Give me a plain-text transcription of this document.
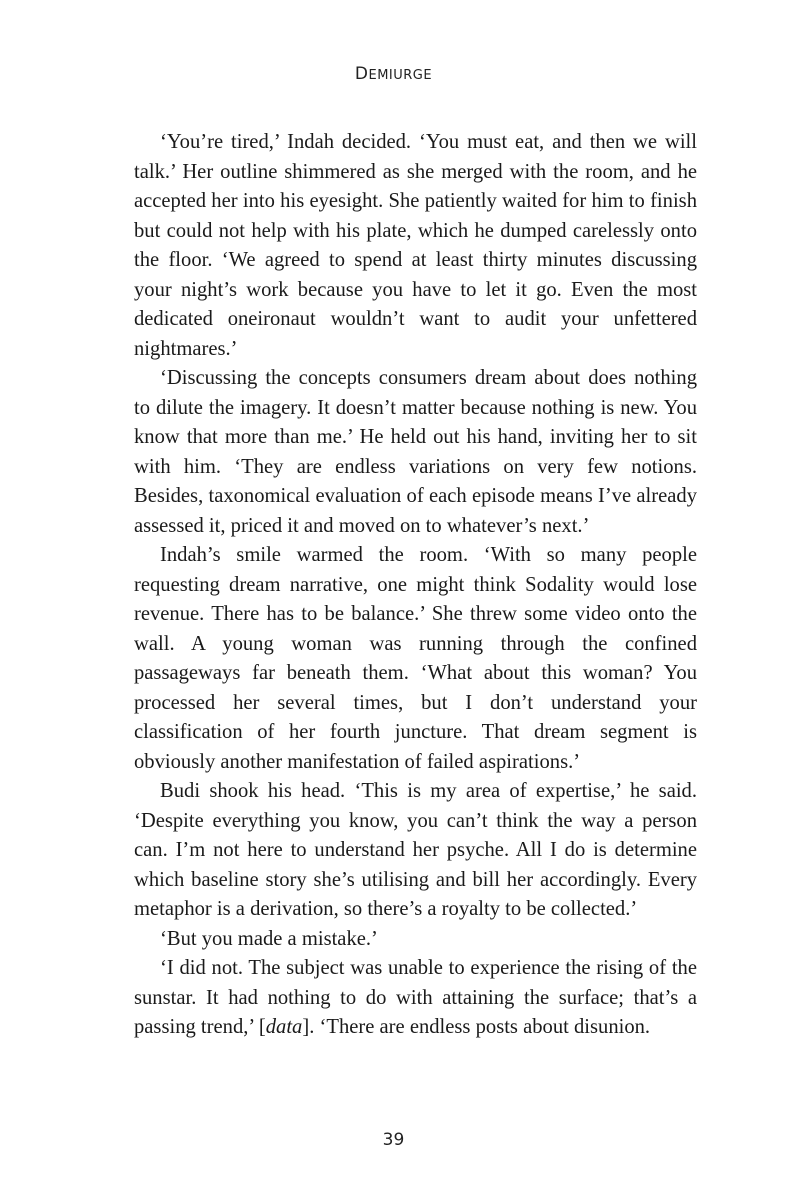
DEMIURGE

‘You’re tired,’ Indah decided. ‘You must eat, and then we will talk.’ Her outline shimmered as she merged with the room, and he accepted her into his eyesight. She patiently waited for him to finish but could not help with his plate, which he dumped carelessly onto the floor. ‘We agreed to spend at least thirty minutes discussing your night’s work because you have to let it go. Even the most dedicated oneironaut wouldn’t want to audit your unfettered nightmares.’

‘Discussing the concepts consumers dream about does nothing to dilute the imagery. It doesn’t matter because nothing is new. You know that more than me.’ He held out his hand, inviting her to sit with him. ‘They are endless variations on very few notions. Besides, taxonomical evaluation of each episode means I’ve already assessed it, priced it and moved on to whatever’s next.’

Indah’s smile warmed the room. ‘With so many people requesting dream narrative, one might think Sodality would lose revenue. There has to be balance.’ She threw some video onto the wall. A young woman was running through the confined passageways far beneath them. ‘What about this woman? You processed her several times, but I don’t understand your classification of her fourth juncture. That dream segment is obviously another manifestation of failed aspirations.’

Budi shook his head. ‘This is my area of expertise,’ he said. ‘Despite everything you know, you can’t think the way a person can. I’m not here to understand her psyche. All I do is determine which baseline story she’s utilising and bill her accordingly. Every metaphor is a derivation, so there’s a royalty to be collected.’

‘But you made a mistake.’

‘I did not. The subject was unable to experience the rising of the sunstar. It had nothing to do with attaining the surface; that’s a passing trend,’ [data]. ‘There are endless posts about disunion.

39
